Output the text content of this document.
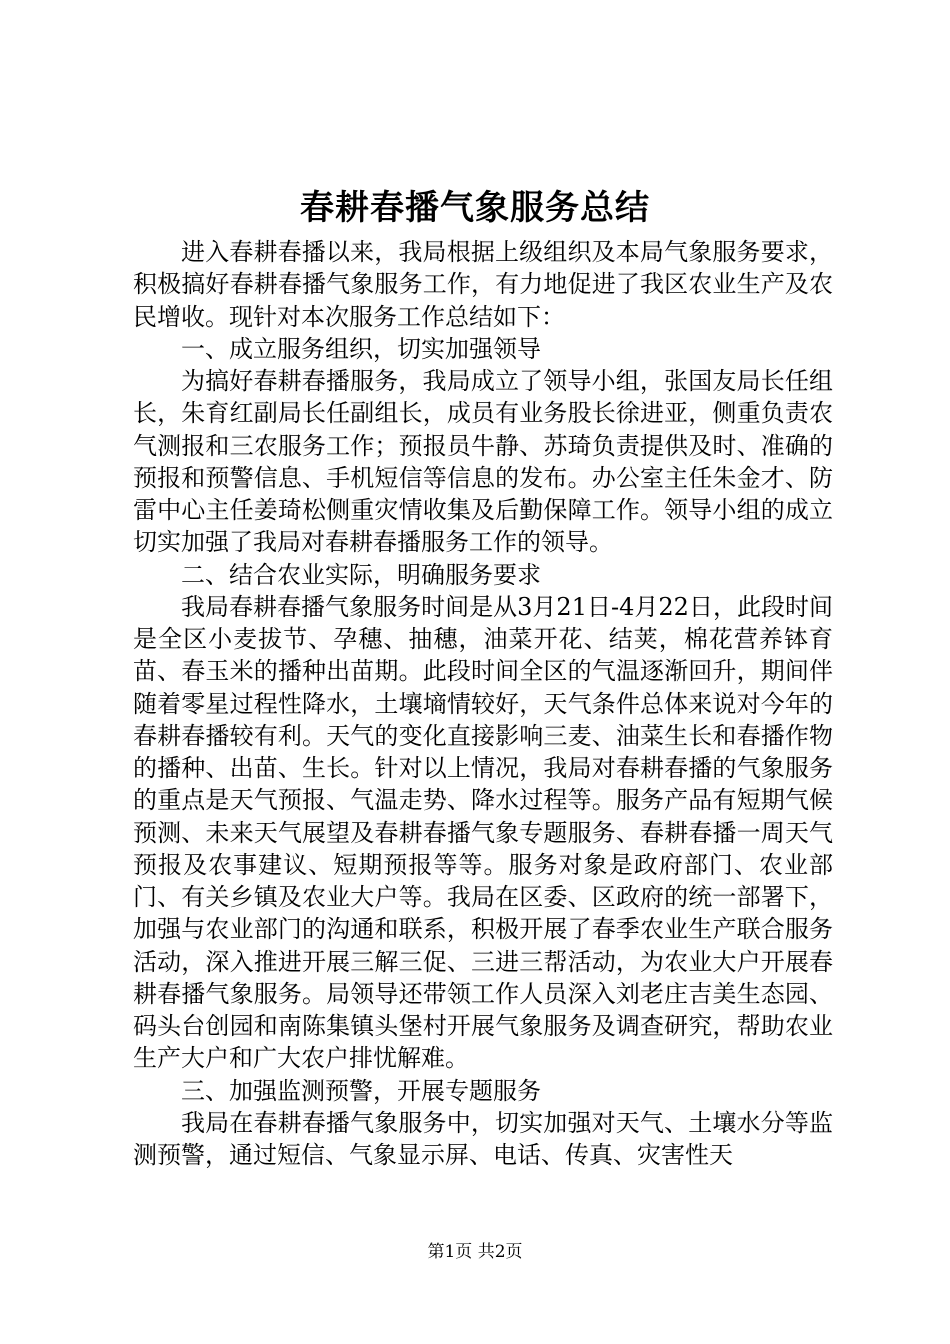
春耕春播气象服务总结

进入春耕春播以来，我局根据上级组织及本局气象服务要求，积极搞好春耕春播气象服务工作，有力地促进了我区农业生产及农民增收。现针对本次服务工作总结如下：

一、成立服务组织，切实加强领导

为搞好春耕春播服务，我局成立了领导小组，张国友局长任组长，朱育红副局长任副组长，成员有业务股长徐进亚，侧重负责农气测报和三农服务工作；预报员牛静、苏琦负责提供及时、准确的预报和预警信息、手机短信等信息的发布。办公室主任朱金才、防雷中心主任姜琦松侧重灾情收集及后勤保障工作。领导小组的成立切实加强了我局对春耕春播服务工作的领导。

二、结合农业实际，明确服务要求

我局春耕春播气象服务时间是从3月21日-4月22日，此段时间是全区小麦拔节、孕穗、抽穗，油菜开花、结荚，棉花营养钵育苗、春玉米的播种出苗期。此段时间全区的气温逐渐回升，期间伴随着零星过程性降水，土壤墒情较好，天气条件总体来说对今年的春耕春播较有利。天气的变化直接影响三麦、油菜生长和春播作物的播种、出苗、生长。针对以上情况，我局对春耕春播的气象服务的重点是天气预报、气温走势、降水过程等。服务产品有短期气候预测、未来天气展望及春耕春播气象专题服务、春耕春播一周天气预报及农事建议、短期预报等等。服务对象是政府部门、农业部门、有关乡镇及农业大户等。我局在区委、区政府的统一部署下，加强与农业部门的沟通和联系，积极开展了春季农业生产联合服务活动，深入推进开展三解三促、三进三帮活动，为农业大户开展春耕春播气象服务。局领导还带领工作人员深入刘老庄吉美生态园、码头台创园和南陈集镇头堡村开展气象服务及调查研究，帮助农业生产大户和广大农户排忧解难。

三、加强监测预警，开展专题服务

我局在春耕春播气象服务中，切实加强对天气、土壤水分等监测预警，通过短信、气象显示屏、电话、传真、灾害性天

第1页 共2页
